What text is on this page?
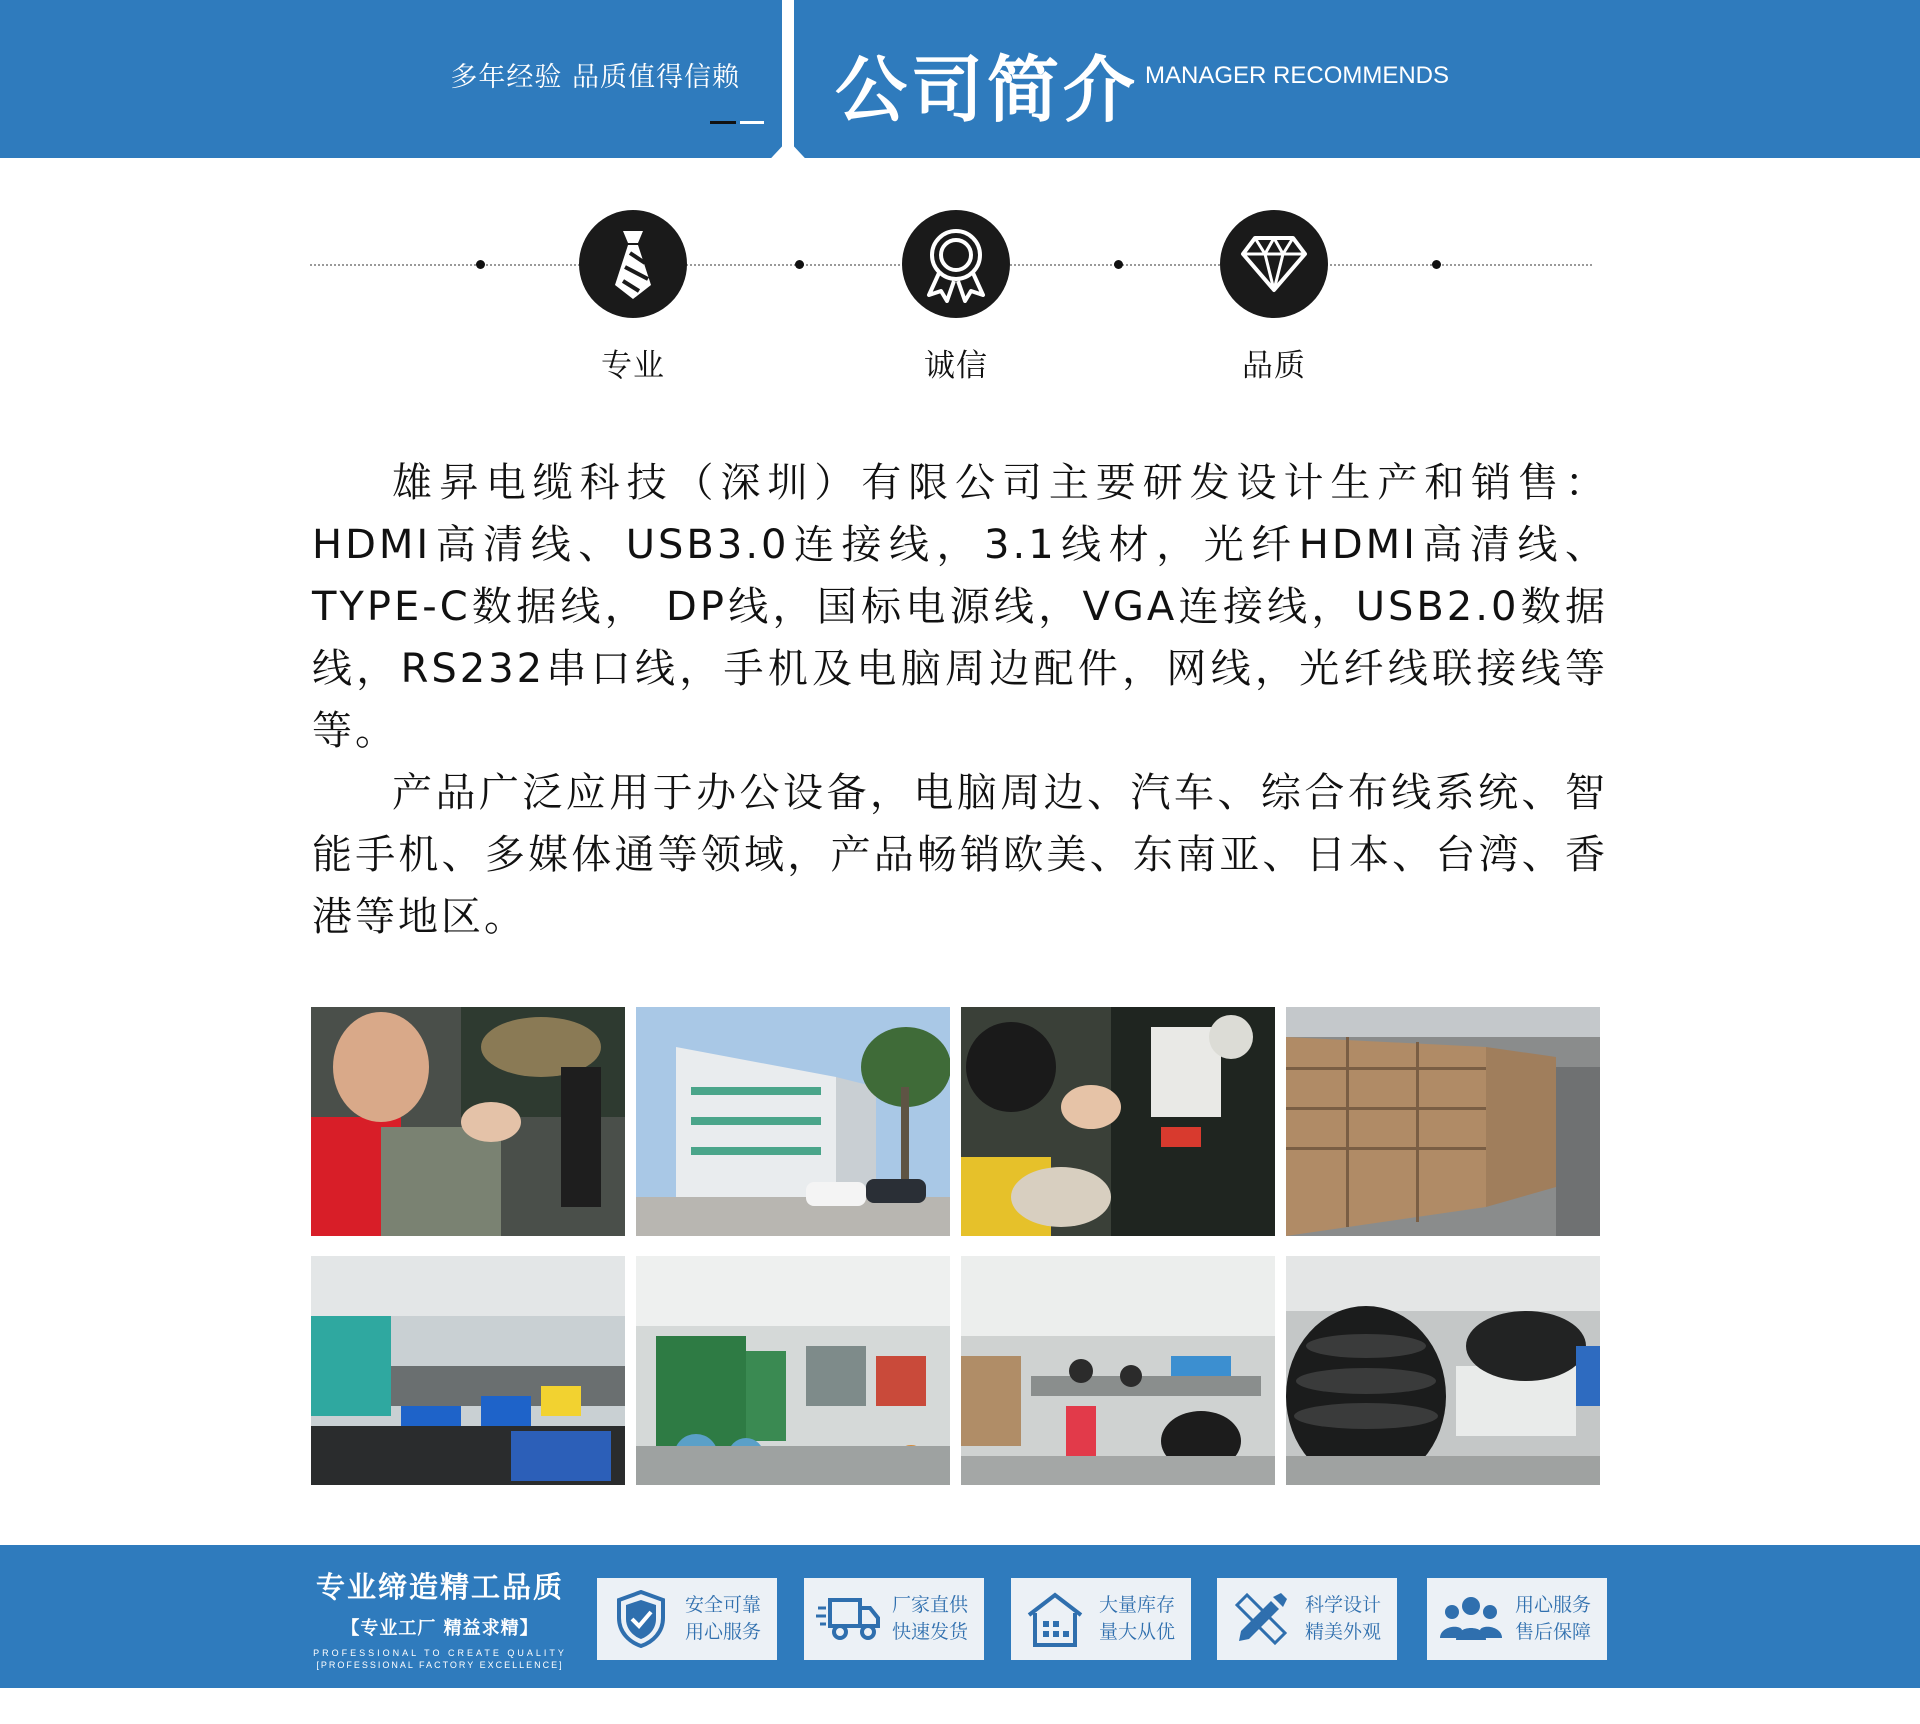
多年经验 品质值得信赖 公司简介 MANAGER RECOMMENDS
专业	诚信	品质

雄昇电缆科技（深圳）有限公司主要研发设计生产和销售：HDMI高清线、USB3.0连接线，3.1线材，光纤HDMI高清线、TYPE-C数据线， DP线，国标电源线，VGA连接线，USB2.0数据线，RS232串口线，手机及电脑周边配件，网线，光纤线联接线等等。

产品广泛应用于办公设备，电脑周边、汽车、综合布线系统、智能手机、多媒体通等领域，产品畅销欧美、东南亚、日本、台湾、香港等地区。

专业缔造精工品质
【专业工厂 精益求精】
PROFESSIONAL TO CREATE QUALITY
[PROFESSIONAL FACTORY EXCELLENCE]
安全可靠
用心服务
厂家直供
快速发货
大量库存
量大从优
科学设计
精美外观
用心服务
售后保障
